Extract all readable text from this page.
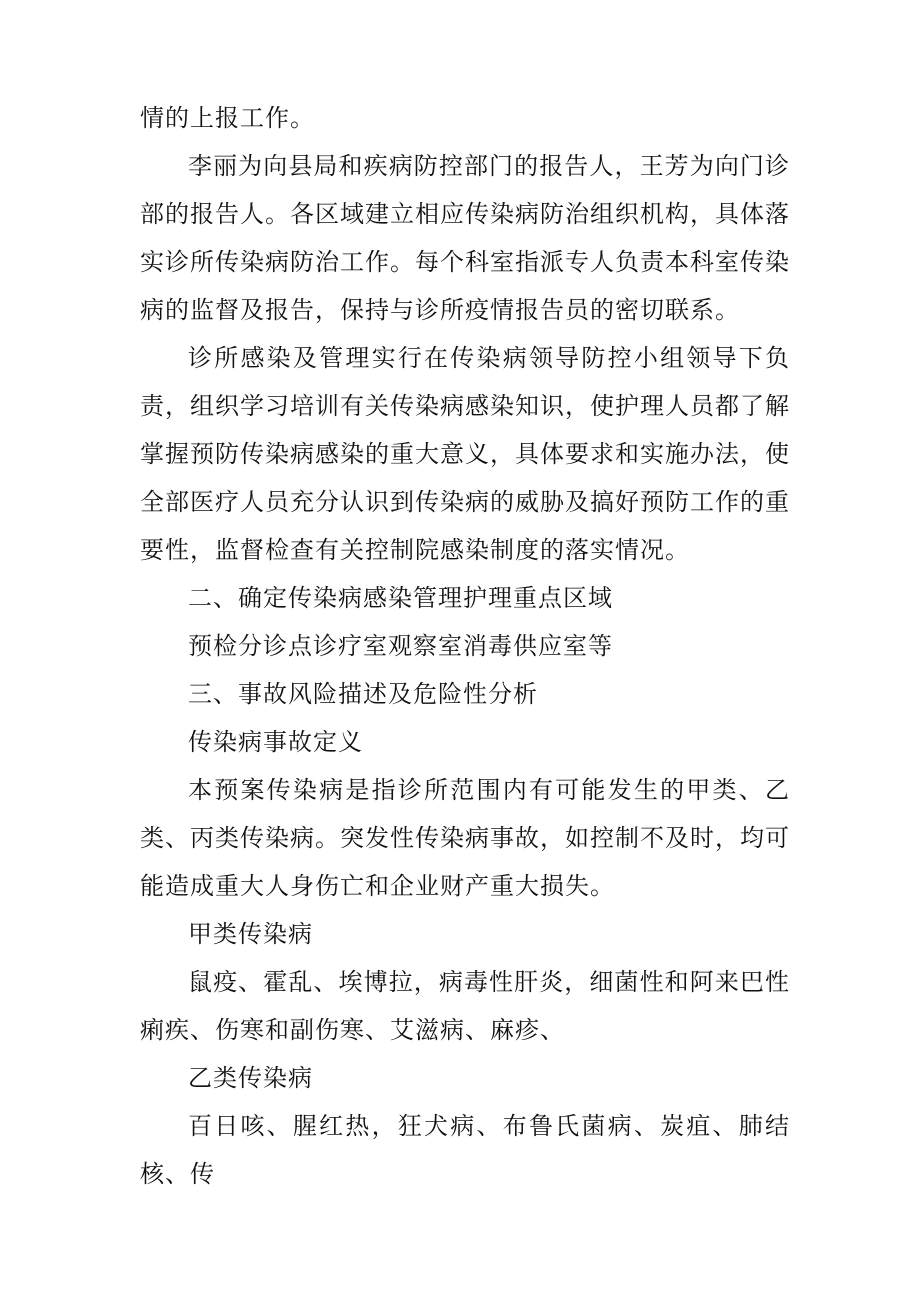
情的上报工作。

李丽为向县局和疾病防控部门的报告人，王芳为向门诊部的报告人。各区域建立相应传染病防治组织机构，具体落实诊所传染病防治工作。每个科室指派专人负责本科室传染病的监督及报告，保持与诊所疫情报告员的密切联系。

诊所感染及管理实行在传染病领导防控小组领导下负责，组织学习培训有关传染病感染知识，使护理人员都了解掌握预防传染病感染的重大意义，具体要求和实施办法，使全部医疗人员充分认识到传染病的威胁及搞好预防工作的重要性，监督检查有关控制院感染制度的落实情况。

二、确定传染病感染管理护理重点区域

预检分诊点诊疗室观察室消毒供应室等

三、事故风险描述及危险性分析

传染病事故定义

本预案传染病是指诊所范围内有可能发生的甲类、乙类、丙类传染病。突发性传染病事故，如控制不及时，均可能造成重大人身伤亡和企业财产重大损失。

甲类传染病

鼠疫、霍乱、埃博拉，病毒性肝炎，细菌性和阿来巴性痢疾、伤寒和副伤寒、艾滋病、麻疹、

乙类传染病

百日咳、腥红热，狂犬病、布鲁氏菌病、炭疽、肺结核、传
